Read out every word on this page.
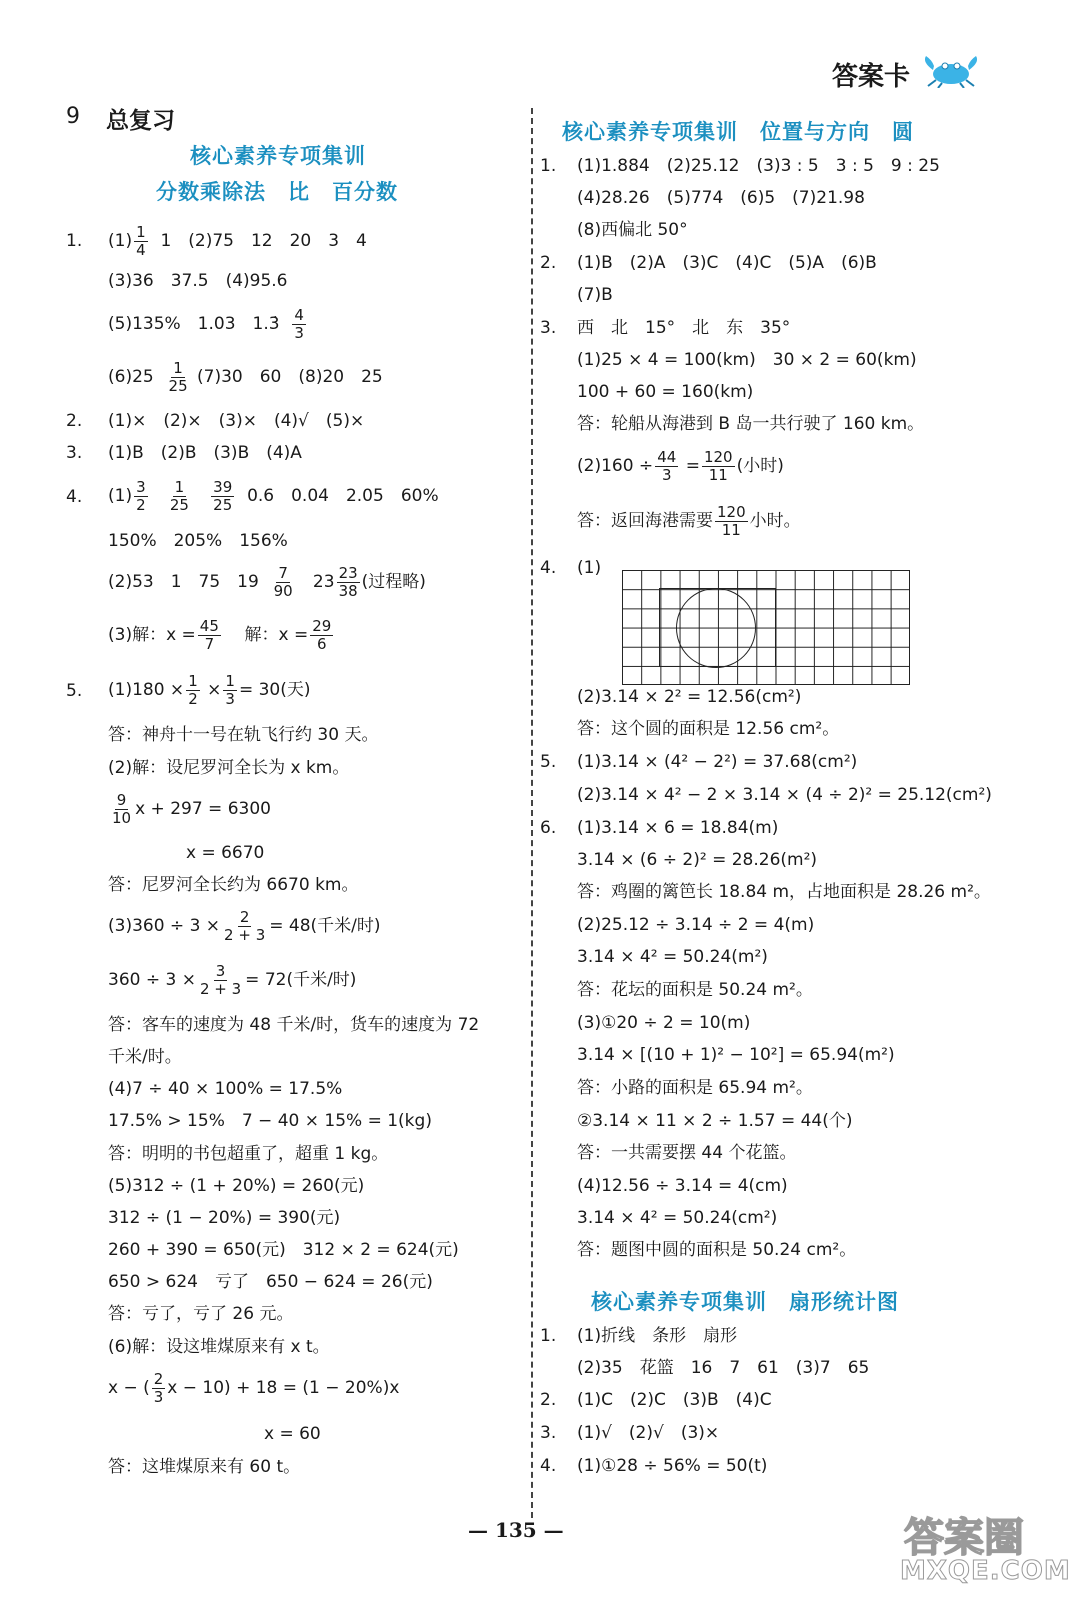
答案卡
9 总复习
核心素养专项集训
分数乘除法　比　百分数
1. $(1) \frac{1}{4} 1$　(2)75　12　20　3　4
(3)36　37.5　(4)95.6
(5)135%　1.03　1.3̇ $\frac{4}{3}$
$(6)25 \frac{1}{25} (7)30$　60　(8)20　25
2. (1)×　(2)×　(3)×　(4)√　(5)×
3. (1)B　(2)B　(3)B　(4)A
4. $(1) \frac{3}{2}$
$\frac{1}{25}$
$\frac{39}{25} 0.6$　0.04　2.05　60%
150%　205%　156%
(2)53　1　75　$19 \frac{7}{90} 23 \frac{23}{38}$ (过程略)
(3)解：$x = \frac{45}{7}$ 解：$x = \frac{29}{6}$
5. $(1)180 \times \frac{1}{2} \times \frac{1}{3} = 30$(天)
答：神舟十一号在轨飞行约 30 天。
(2)解：设尼罗河全长为 x km。
$\frac{9}{10}$ x + 297 = 6300
x = 6670
答：尼罗河全长约为 6670 km。
$(3)360 \div 3 \times \frac{2}{2 + 3} = 48$(千米/时)
$360 \div 3 \times \frac{3}{2 + 3} = 72$(千米/时)
答：客车的速度为 48 千米/时，货车的速度为 72
千米/时。
(4)7 ÷ 40 × 100% = 17.5%
17.5% > 15%　7 − 40 × 15% = 1(kg)
答：明明的书包超重了，超重 1 kg。
(5)312 ÷ (1 + 20%) = 260(元)
312 ÷ (1 − 20%) = 390(元)
260 + 390 = 650(元)　312 × 2 = 624(元)
650 > 624　亏了　650 − 624 = 26(元)
答：亏了，亏了 26 元。
(6)解：设这堆煤原来有 x t。
x − ( $\frac{2}{3}$ x − 10) + 18 = (1 − 20%)x
x = 60
答：这堆煤原来有 60 t。
核心素养专项集训　位置与方向　圆
1. (1)1.884　(2)25.12　(3)3 : 5　3 : 5　9 : 25
(4)28.26　(5)774　(6)5　(7)21.98
(8)西偏北 50°
2. (1)B　(2)A　(3)C　(4)C　(5)A　(6)B
(7)B
3. 西　北　15°　北　东　35°
(1)25 × 4 = 100(km)　30 × 2 = 60(km)
100 + 60 = 160(km)
答：轮船从海港到 B 岛一共行驶了 160 km。
$(2)160 \div \frac{44}{3} = \frac{120}{11}$ (小时)
答：返回海港需要 $\frac{120}{11}$ 小时。
4. (1)
(2)3.14 × 2² = 12.56(cm²)
答：这个圆的面积是 12.56 cm²。
5. (1)3.14 × (4² − 2²) = 37.68(cm²)
(2)3.14 × 4² − 2 × 3.14 × (4 ÷ 2)² = 25.12(cm²)
6. (1)3.14 × 6 = 18.84(m)
3.14 × (6 ÷ 2)² = 28.26(m²)
答：鸡圈的篱笆长 18.84 m，占地面积是 28.26 m²。
(2)25.12 ÷ 3.14 ÷ 2 = 4(m)
3.14 × 4² = 50.24(m²)
答：花坛的面积是 50.24 m²。
(3)①20 ÷ 2 = 10(m)
3.14 × [(10 + 1)² − 10²] = 65.94(m²)
答：小路的面积是 65.94 m²。
②3.14 × 11 × 2 ÷ 1.57 = 44(个)
答：一共需要摆 44 个花篮。
(4)12.56 ÷ 3.14 = 4(cm)
3.14 × 4² = 50.24(cm²)
答：题图中圆的面积是 50.24 cm²。
核心素养专项集训　扇形统计图
1. (1)折线　条形　扇形
(2)35　花篮　16　7　61　(3)7　65
2. (1)C　(2)C　(3)B　(4)C
3. (1)√　(2)√　(3)×
4. (1)①28 ÷ 56% = 50(t)
— 135 —	答案圈
MXQE.COM
